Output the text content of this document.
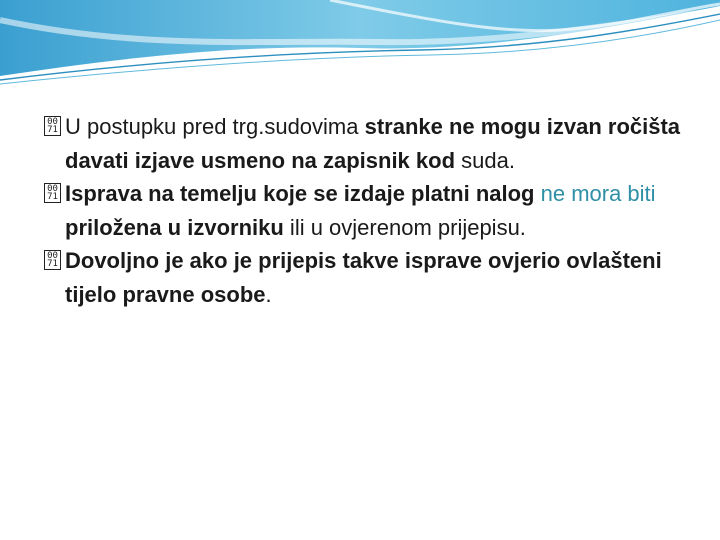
00
71 U postupku pred trg.sudovima stranke ne mogu izvan ročišta davati izjave usmeno na zapisnik kod suda.

00
71 Isprava na temelju koje se izdaje platni nalog ne mora biti priložena u izvorniku ili u ovjerenom prijepisu.

00
71 Dovoljno je ako je prijepis takve isprave ovjerio ovlašteni tijelo pravne osobe.
